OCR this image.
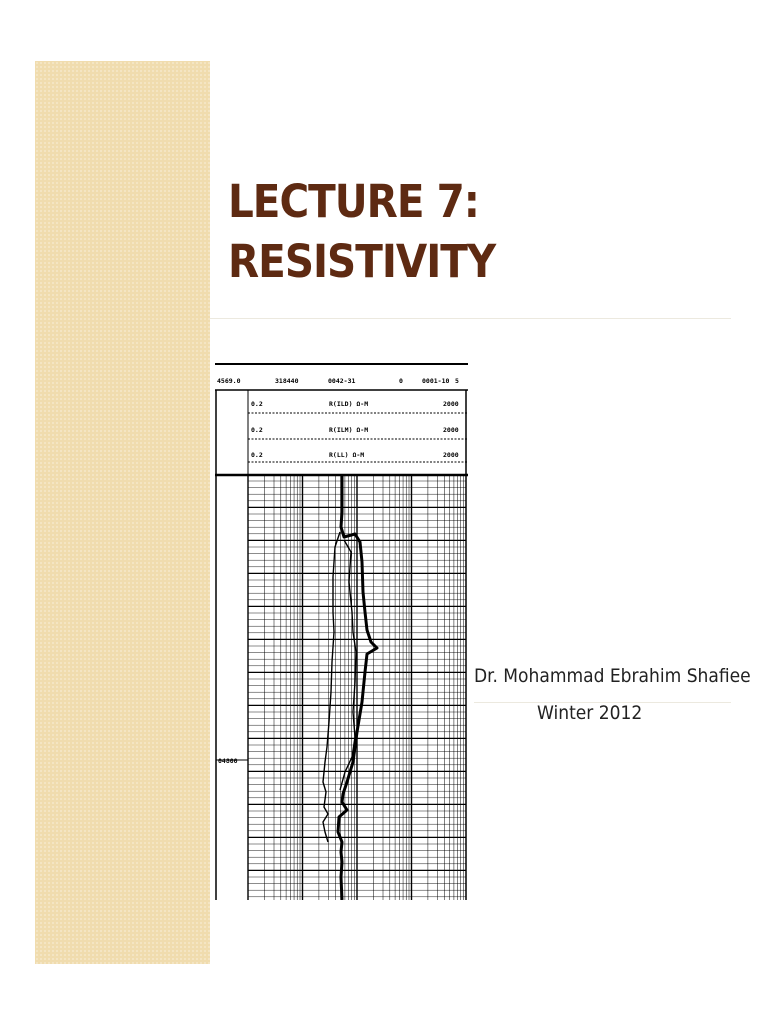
LECTURE 7:
RESISTIVITY
4569.0	318440	0042-31	0	0001-10 5
0.2	R(ILD) Ω-M	2000
0.2	R(ILM) Ω-M	2000
0.2	R(LL) Ω-M	2000
04800
Dr. Mohammad Ebrahim Shafiee
Winter 2012
